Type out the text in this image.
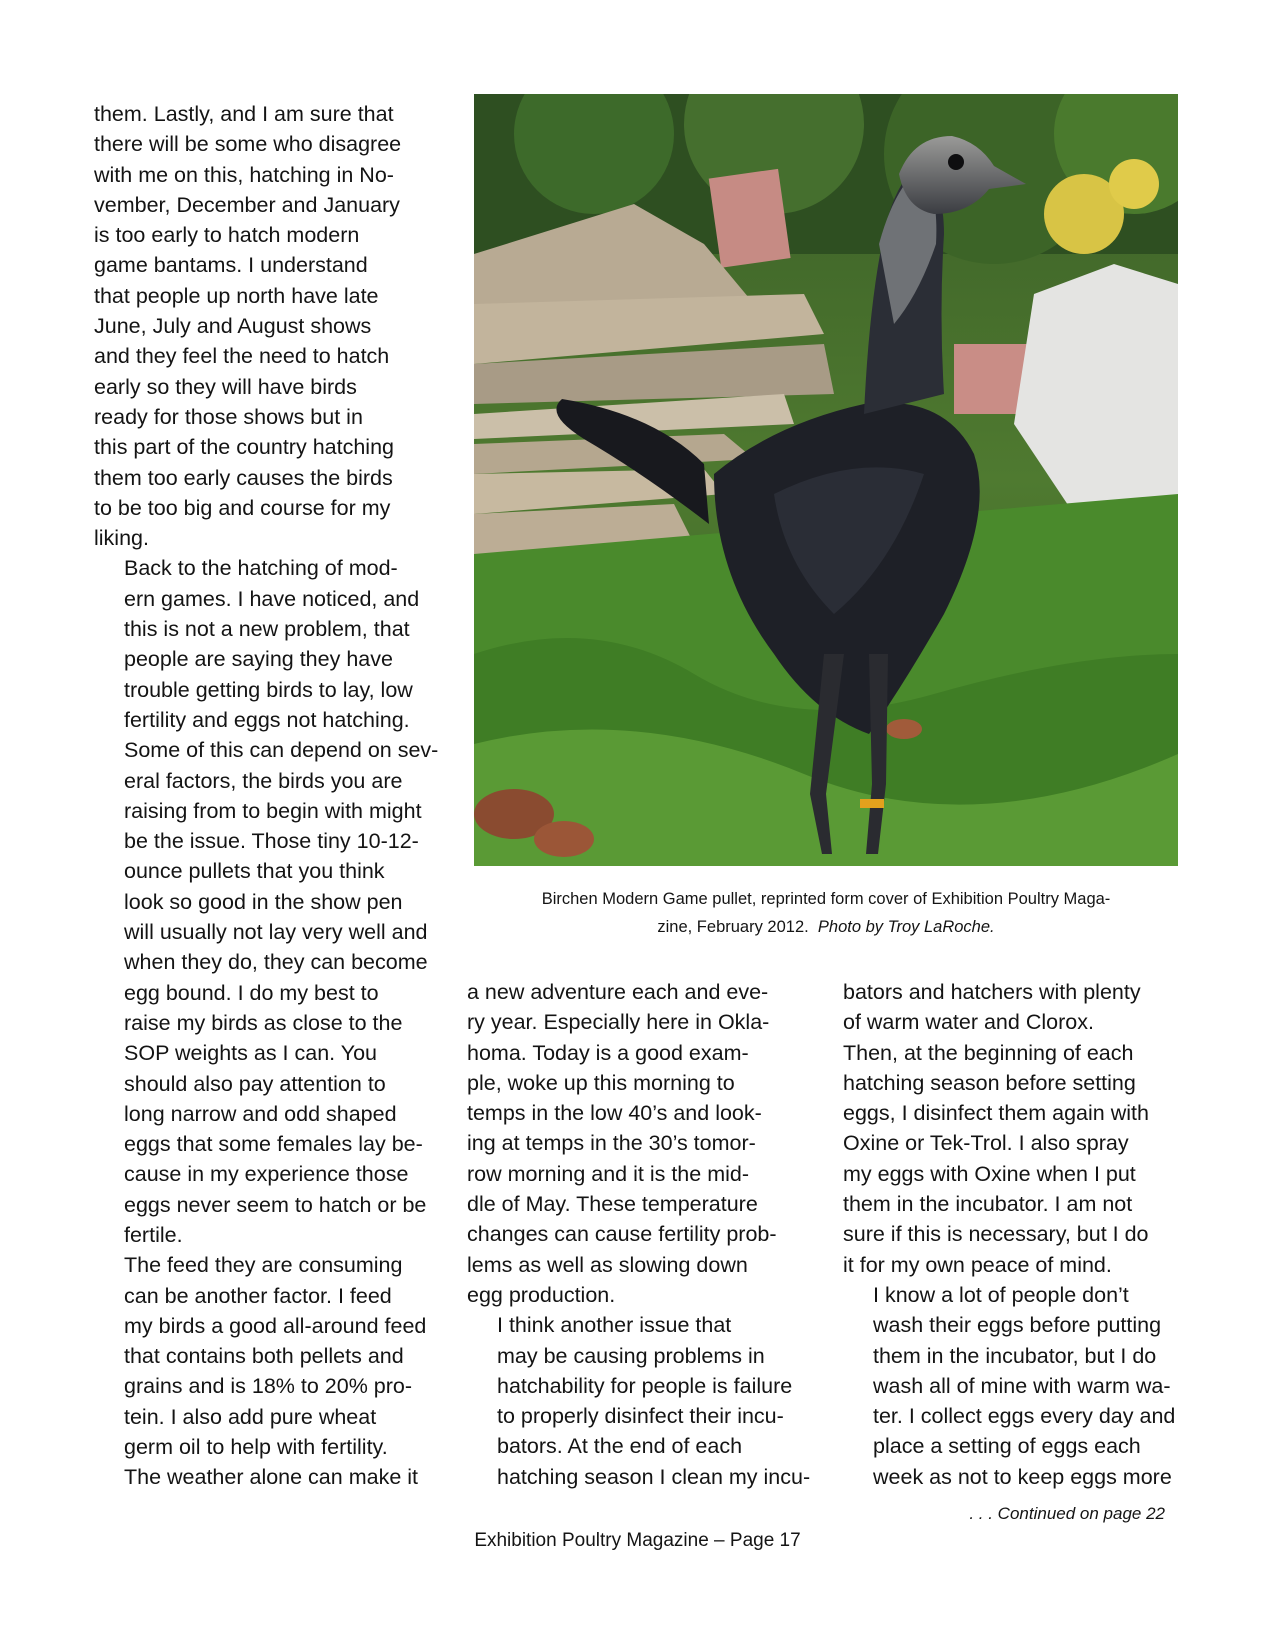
them. Lastly, and I am sure that
there will be some who disagree
with me on this, hatching in No-
vember, December and January
is too early to hatch modern
game bantams. I understand
that people up north have late
June, July and August shows
and they feel the need to hatch
early so they will have birds
ready for those shows but in
this part of the country hatching
them too early causes the birds
to be too big and course for my
liking.

Back to the hatching of mod-
ern games. I have noticed, and
this is not a new problem, that
people are saying they have
trouble getting birds to lay, low
fertility and eggs not hatching.
Some of this can depend on sev-
eral factors, the birds you are
raising from to begin with might
be the issue. Those tiny 10-12-
ounce pullets that you think
look so good in the show pen
will usually not lay very well and
when they do, they can become
egg bound. I do my best to
raise my birds as close to the
SOP weights as I can. You
should also pay attention to
long narrow and odd shaped
eggs that some females lay be-
cause in my experience those
eggs never seem to hatch or be
fertile.

The feed they are consuming
can be another factor. I feed
my birds a good all-around feed
that contains both pellets and
grains and is 18% to 20% pro-
tein. I also add pure wheat
germ oil to help with fertility.
The weather alone can make it

Birchen Modern Game pullet, reprinted form cover of Exhibition Poultry Maga-
zine, February 2012. Photo by Troy LaRoche.

a new adventure each and eve-
ry year. Especially here in Okla-
homa. Today is a good exam-
ple, woke up this morning to
temps in the low 40’s and look-
ing at temps in the 30’s tomor-
row morning and it is the mid-
dle of May. These temperature
changes can cause fertility prob-
lems as well as slowing down
egg production.

I think another issue that
may be causing problems in
hatchability for people is failure
to properly disinfect their incu-
bators. At the end of each
hatching season I clean my incu-

bators and hatchers with plenty
of warm water and Clorox.
Then, at the beginning of each
hatching season before setting
eggs, I disinfect them again with
Oxine or Tek-Trol. I also spray
my eggs with Oxine when I put
them in the incubator. I am not
sure if this is necessary, but I do
it for my own peace of mind.

I know a lot of people don’t
wash their eggs before putting
them in the incubator, but I do
wash all of mine with warm wa-
ter. I collect eggs every day and
place a setting of eggs each
week as not to keep eggs more

. . . Continued on page 22
Exhibition Poultry Magazine – Page 17
